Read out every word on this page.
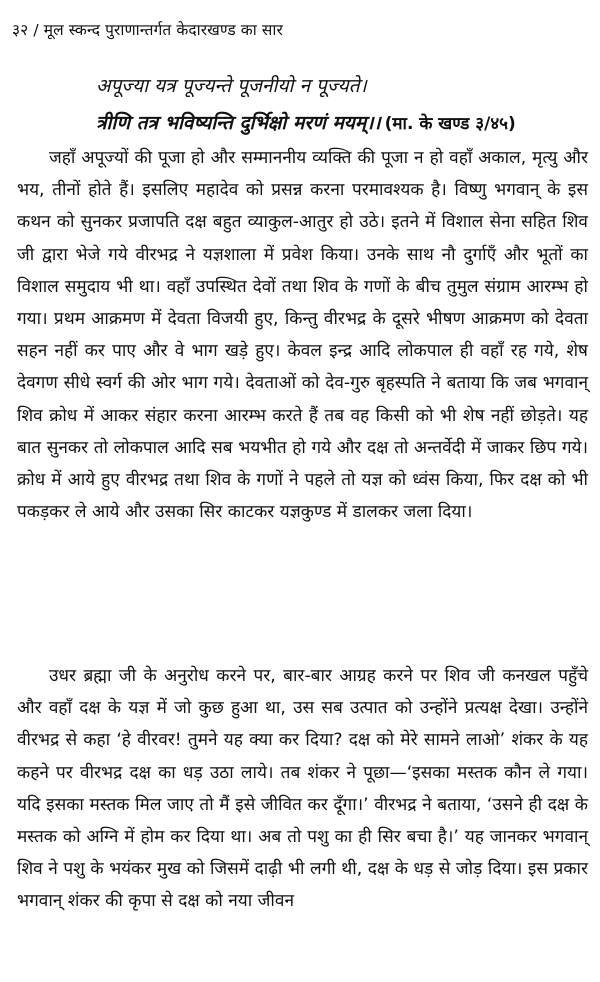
३२ / मूल स्कन्द पुराणान्तर्गत केदारखण्ड का सार
अपूज्या यत्र पूज्यन्ते पूजनीयो न पूज्यते।
त्रीणि तत्र भविष्यन्ति दुर्भिक्षो मरणं मयम्।। (मा. के खण्ड ३/४५)

जहाँ अपूज्यों की पूजा हो और सम्माननीय व्यक्ति की पूजा न हो वहाँ अकाल, मृत्यु और भय, तीनों होते हैं। इसलिए महादेव को प्रसन्न करना परमावश्यक है। विष्णु भगवान् के इस कथन को सुनकर प्रजापति दक्ष बहुत व्याकुल-आतुर हो उठे। इतने में विशाल सेना सहित शिव जी द्वारा भेजे गये वीरभद्र ने यज्ञशाला में प्रवेश किया। उनके साथ नौ दुर्गाएँ और भूतों का विशाल समुदाय भी था। वहाँ उपस्थित देवों तथा शिव के गणों के बीच तुमुल संग्राम आरम्भ हो गया। प्रथम आक्रमण में देवता विजयी हुए, किन्तु वीरभद्र के दूसरे भीषण आक्रमण को देवता सहन नहीं कर पाए और वे भाग खड़े हुए। केवल इन्द्र आदि लोकपाल ही वहाँ रह गये, शेष देवगण सीधे स्वर्ग की ओर भाग गये। देवताओं को देव-गुरु बृहस्पति ने बताया कि जब भगवान् शिव क्रोध में आकर संहार करना आरम्भ करते हैं तब वह किसी को भी शेष नहीं छोड़ते। यह बात सुनकर तो लोकपाल आदि सब भयभीत हो गये और दक्ष तो अन्तर्वेदी में जाकर छिप गये। क्रोध में आये हुए वीरभद्र तथा शिव के गणों ने पहले तो यज्ञ को ध्वंस किया, फिर दक्ष को भी पकड़कर ले आये और उसका सिर काटकर यज्ञकुण्ड में डालकर जला दिया।

उधर ब्रह्मा जी के अनुरोध करने पर, बार-बार आग्रह करने पर शिव जी कनखल पहुँचे और वहाँ दक्ष के यज्ञ में जो कुछ हुआ था, उस सब उत्पात को उन्होंने प्रत्यक्ष देखा। उन्होंने वीरभद्र से कहा ‘हे वीरवर! तुमने यह क्या कर दिया? दक्ष को मेरे सामने लाओ’ शंकर के यह कहने पर वीरभद्र दक्ष का धड़ उठा लाये। तब शंकर ने पूछा—‘इसका मस्तक कौन ले गया। यदि इसका मस्तक मिल जाए तो मैं इसे जीवित कर दूँगा।’ वीरभद्र ने बताया, ‘उसने ही दक्ष के मस्तक को अग्नि में होम कर दिया था। अब तो पशु का ही सिर बचा है।’ यह जानकर भगवान् शिव ने पशु के भयंकर मुख को जिसमें दाढ़ी भी लगी थी, दक्ष के धड़ से जोड़ दिया। इस प्रकार भगवान् शंकर की कृपा से दक्ष को नया जीवन
